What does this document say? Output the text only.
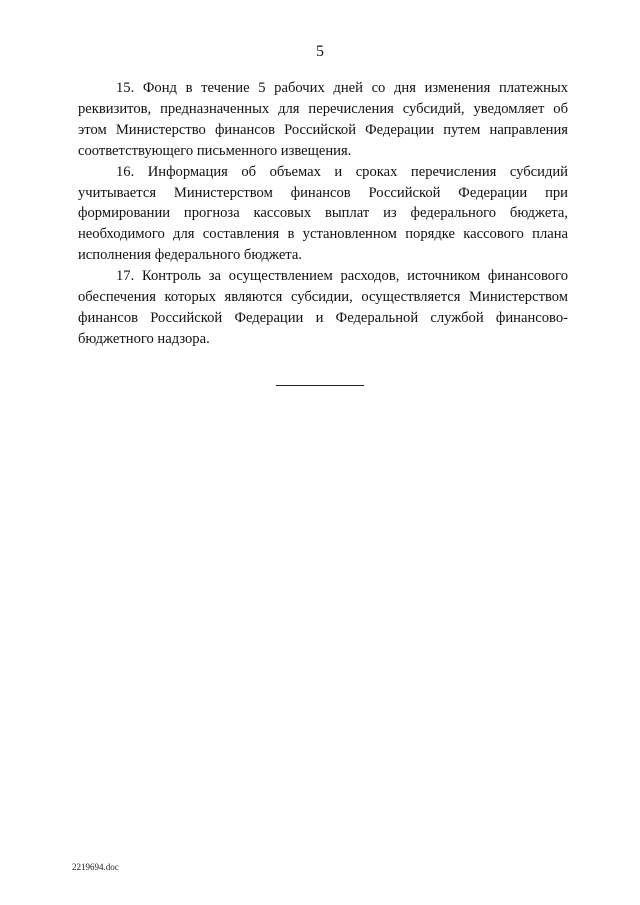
5

15. Фонд в течение 5 рабочих дней со дня изменения платежных реквизитов, предназначенных для перечисления субсидий, уведомляет об этом Министерство финансов Российской Федерации путем направления соответствующего письменного извещения.

16. Информация об объемах и сроках перечисления субсидий учитывается Министерством финансов Российской Федерации при формировании прогноза кассовых выплат из федерального бюджета, необходимого для составления в установленном порядке кассового плана исполнения федерального бюджета.

17. Контроль за осуществлением расходов, источником финансового обеспечения которых являются субсидии, осуществляется Министерством финансов Российской Федерации и Федеральной службой финансово-бюджетного надзора.

2219694.doc
